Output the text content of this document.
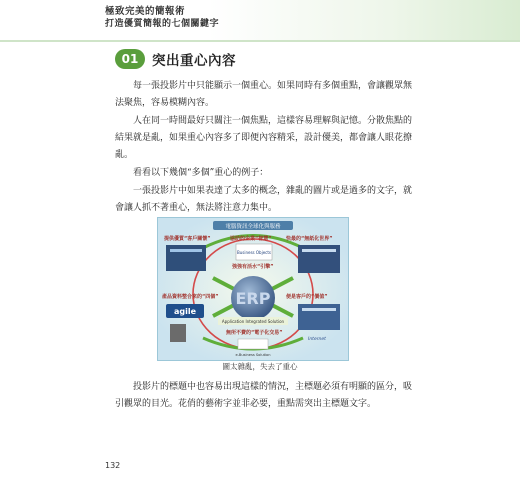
極致完美的簡報術
打造優質簡報的七個關鍵字
01	突出重心內容

每一張投影片中只能顯示一個重心。如果同時有多個重點，會讓觀眾無法聚焦，容易模糊內容。

人在同一時間最好只關注一個焦點，這樣容易理解與記憶。分散焦點的結果就是亂，如果重心內容多了即便內容精采，設計優美，都會讓人眼花撩亂。

看看以下幾個“多個”重心的例子：

一張投影片中如果表達了太多的概念，雜亂的圖片或是過多的文字，就會讓人抓不著重心，無法將注意力集中。

電腦資訊全球化與服務
ERP
Application Integrated Solution
提供優質“客戶關懷”	協助的企業“智慧”	快最的“無紙化世界”
強強有活水“引擎”
產品資料整合來的“四個”	便是客戶的“價值”
無所不費的“電子化交易”
Business Objects
agile
Internet
e-Business Solution
圖太雜亂，失去了重心

投影片的標題中也容易出現這樣的情況，主標題必須有明顯的區分，吸引觀眾的目光。花俏的藝術字並非必要，重點需突出主標題文字。

132
